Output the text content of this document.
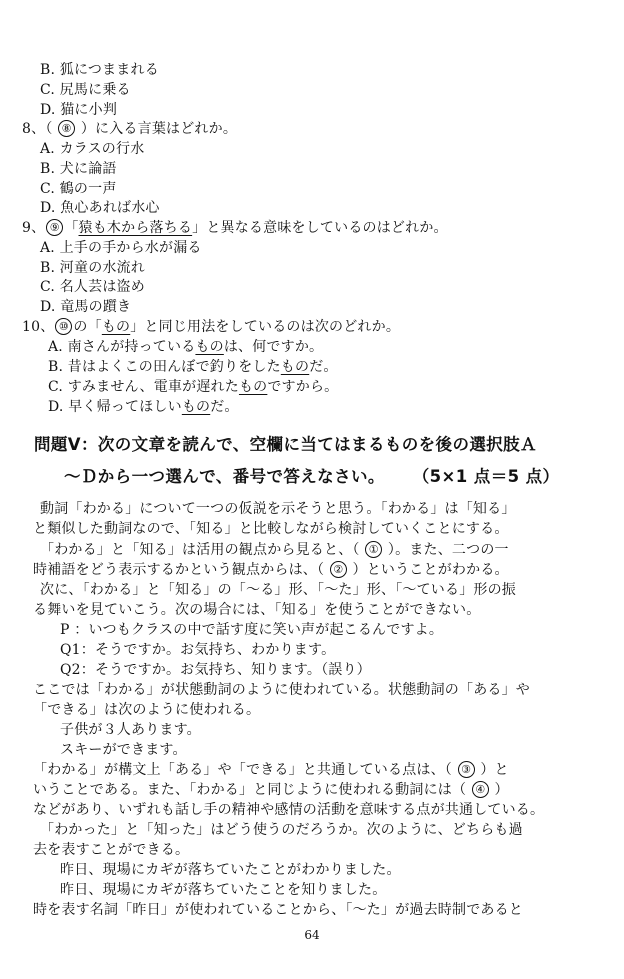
B. 狐につままれる
C. 尻馬に乗る
D. 猫に小判
8、（ ⑧ ）に入る言葉はどれか。
A. カラスの行水
B. 犬に論語
C. 鶴の一声
D. 魚心あれば水心
9、 ⑨ 「猿も木から落ちる」と異なる意味をしているのはどれか。
A. 上手の手から水が漏る
B. 河童の水流れ
C. 名人芸は盗め
D. 竜馬の躓き
10、 ⑩ の「もの」と同じ用法をしているのは次のどれか。
A. 南さんが持っているものは、何ですか。
B. 昔はよくこの田んぼで釣りをしたものだ。
C. すみません、電車が遅れたものですから。
D. 早く帰ってほしいものだ。
問題Ⅴ：次の文章を読んで、空欄に当てはまるものを後の選択肢Ａ
～Ｄから一つ選んで、番号で答えなさい。 （5×1 点＝5 点）
動詞「わかる」について一つの仮説を示そうと思う。「わかる」は「知る」
と類似した動詞なので、「知る」と比較しながら検討していくことにする。
「わかる」と「知る」は活用の観点から見ると、（ ① ）。また、二つの一
時補語をどう表示するかという観点からは、（ ② ）ということがわかる。
次に、「わかる」と「知る」の「～る」形、「～た」形、「～ている」形の振
る舞いを見ていこう。次の場合には、「知る」を使うことができない。
P ：いつもクラスの中で話す度に笑い声が起こるんですよ。
Q1：そうですか。お気持ち、わかります。
Q2：そうですか。お気持ち、知ります。（誤り）
ここでは「わかる」が状態動詞のように使われている。状態動詞の「ある」や
「できる」は次のように使われる。
子供が３人あります。
スキーができます。
「わかる」が構文上「ある」や「できる」と共通している点は、（ ③ ）と
いうことである。また、「わかる」と同じように使われる動詞には（ ④ ）
などがあり、いずれも話し手の精神や感情の活動を意味する点が共通している。
「わかった」と「知った」はどう使うのだろうか。次のように、どちらも過
去を表すことができる。
昨日、現場にカギが落ちていたことがわかりました。
昨日、現場にカギが落ちていたことを知りました。
時を表す名詞「昨日」が使われていることから、「～た」が過去時制であると
64
